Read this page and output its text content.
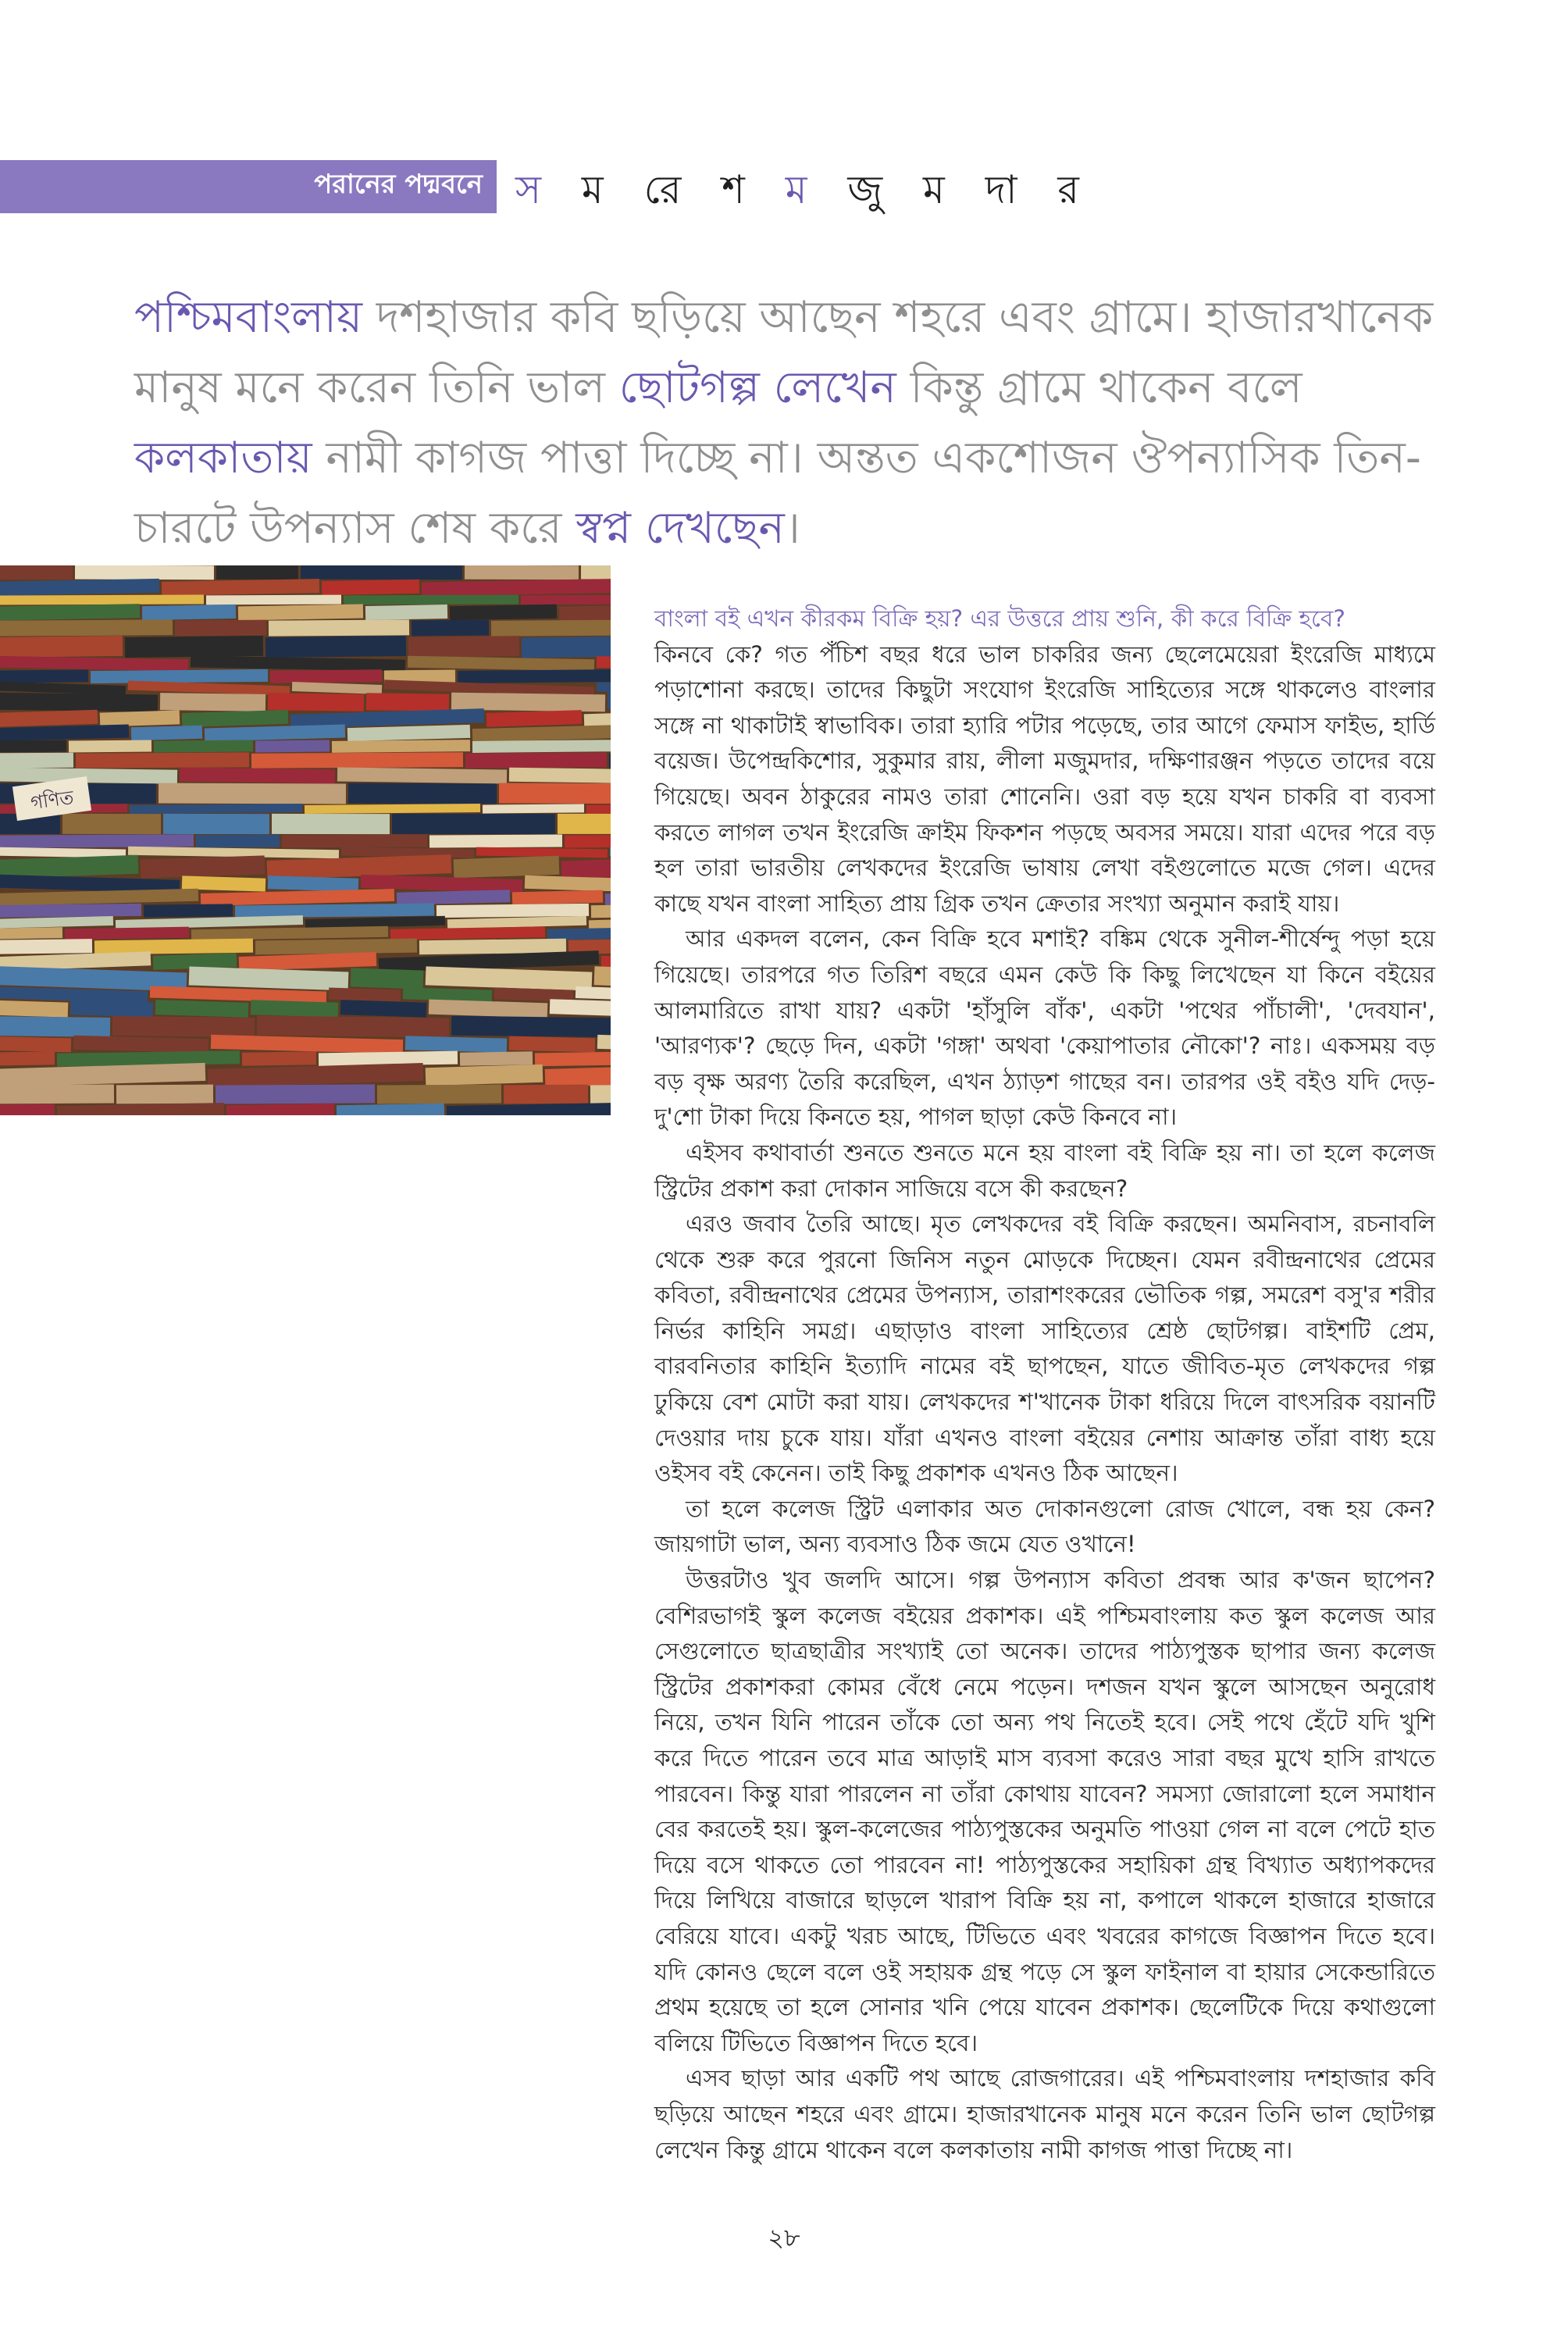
পরানের পদ্মবনে স ম রে শ ম জু ম দা র
পশ্চিমবাংলায় দশহাজার কবি ছড়িয়ে আছেন শহরে এবং গ্রামে। হাজারখানেক মানুষ মনে করেন তিনি ভাল ছোটগল্প লেখেন কিন্তু গ্রামে থাকেন বলে কলকাতায় নামী কাগজ পাত্তা দিচ্ছে না। অন্তত একশোজন ঔপন্যাসিক তিন-চারটে উপন্যাস শেষ করে স্বপ্ন দেখছেন।
গণিত

বাংলা বই এখন কীরকম বিক্রি হয়? এর উত্তরে প্রায় শুনি, কী করে বিক্রি হবে?

কিনবে কে? গত পঁচিশ বছর ধরে ভাল চাকরির জন্য ছেলেমেয়েরা ইংরেজি মাধ্যমে পড়াশোনা করছে। তাদের কিছুটা সংযোগ ইংরেজি সাহিত্যের সঙ্গে থাকলেও বাংলার সঙ্গে না থাকাটাই স্বাভাবিক। তারা হ্যারি পটার পড়েছে, তার আগে ফেমাস ফাইভ, হার্ডি বয়েজ। উপেন্দ্রকিশোর, সুকুমার রায়, লীলা মজুমদার, দক্ষিণারঞ্জন পড়তে তাদের বয়ে গিয়েছে। অবন ঠাকুরের নামও তারা শোনেনি। ওরা বড় হয়ে যখন চাকরি বা ব্যবসা করতে লাগল তখন ইংরেজি ক্রাইম ফিকশন পড়ছে অবসর সময়ে। যারা এদের পরে বড় হল তারা ভারতীয় লেখকদের ইংরেজি ভাষায় লেখা বইগুলোতে মজে গেল। এদের কাছে যখন বাংলা সাহিত্য প্রায় গ্রিক তখন ক্রেতার সংখ্যা অনুমান করাই যায়।

আর একদল বলেন, কেন বিক্রি হবে মশাই? বঙ্কিম থেকে সুনীল-শীর্ষেন্দু পড়া হয়ে গিয়েছে। তারপরে গত তিরিশ বছরে এমন কেউ কি কিছু লিখেছেন যা কিনে বইয়ের আলমারিতে রাখা যায়? একটা 'হাঁসুলি বাঁক', একটা 'পথের পাঁচালী', 'দেবযান', 'আরণ্যক'? ছেড়ে দিন, একটা 'গঙ্গা' অথবা 'কেয়াপাতার নৌকো'? নাঃ। একসময় বড় বড় বৃক্ষ অরণ্য তৈরি করেছিল, এখন ঠ্যাড়শ গাছের বন। তারপর ওই বইও যদি দেড়-দু'শো টাকা দিয়ে কিনতে হয়, পাগল ছাড়া কেউ কিনবে না।

এইসব কথাবার্তা শুনতে শুনতে মনে হয় বাংলা বই বিক্রি হয় না। তা হলে কলেজ স্ট্রিটের প্রকাশ করা দোকান সাজিয়ে বসে কী করছেন?

এরও জবাব তৈরি আছে। মৃত লেখকদের বই বিক্রি করছেন। অমনিবাস, রচনাবলি থেকে শুরু করে পুরনো জিনিস নতুন মোড়কে দিচ্ছেন। যেমন রবীন্দ্রনাথের প্রেমের কবিতা, রবীন্দ্রনাথের প্রেমের উপন্যাস, তারাশংকরের ভৌতিক গল্প, সমরেশ বসু'র শরীর নির্ভর কাহিনি সমগ্র। এছাড়াও বাংলা সাহিত্যের শ্রেষ্ঠ ছোটগল্প। বাইশটি প্রেম, বারবনিতার কাহিনি ইত্যাদি নামের বই ছাপছেন, যাতে জীবিত-মৃত লেখকদের গল্প ঢুকিয়ে বেশ মোটা করা যায়। লেখকদের শ'খানেক টাকা ধরিয়ে দিলে বাৎসরিক বয়ানটি দেওয়ার দায় চুকে যায়। যাঁরা এখনও বাংলা বইয়ের নেশায় আক্রান্ত তাঁরা বাধ্য হয়ে ওইসব বই কেনেন। তাই কিছু প্রকাশক এখনও ঠিক আছেন।

তা হলে কলেজ স্ট্রিট এলাকার অত দোকানগুলো রোজ খোলে, বন্ধ হয় কেন? জায়গাটা ভাল, অন্য ব্যবসাও ঠিক জমে যেত ওখানে!

উত্তরটাও খুব জলদি আসে। গল্প উপন্যাস কবিতা প্রবন্ধ আর ক'জন ছাপেন? বেশিরভাগই স্কুল কলেজ বইয়ের প্রকাশক। এই পশ্চিমবাংলায় কত স্কুল কলেজ আর সেগুলোতে ছাত্রছাত্রীর সংখ্যাই তো অনেক। তাদের পাঠ্যপুস্তক ছাপার জন্য কলেজ স্ট্রিটের প্রকাশকরা কোমর বেঁধে নেমে পড়েন। দশজন যখন স্কুলে আসছেন অনুরোধ নিয়ে, তখন যিনি পারেন তাঁকে তো অন্য পথ নিতেই হবে। সেই পথে হেঁটে যদি খুশি করে দিতে পারেন তবে মাত্র আড়াই মাস ব্যবসা করেও সারা বছর মুখে হাসি রাখতে পারবেন। কিন্তু যারা পারলেন না তাঁরা কোথায় যাবেন? সমস্যা জোরালো হলে সমাধান বের করতেই হয়। স্কুল-কলেজের পাঠ্যপুস্তকের অনুমতি পাওয়া গেল না বলে পেটে হাত দিয়ে বসে থাকতে তো পারবেন না! পাঠ্যপুস্তকের সহায়িকা গ্রন্থ বিখ্যাত অধ্যাপকদের দিয়ে লিখিয়ে বাজারে ছাড়লে খারাপ বিক্রি হয় না, কপালে থাকলে হাজারে হাজারে বেরিয়ে যাবে। একটু খরচ আছে, টিভিতে এবং খবরের কাগজে বিজ্ঞাপন দিতে হবে। যদি কোনও ছেলে বলে ওই সহায়ক গ্রন্থ পড়ে সে স্কুল ফাইনাল বা হায়ার সেকেন্ডারিতে প্রথম হয়েছে তা হলে সোনার খনি পেয়ে যাবেন প্রকাশক। ছেলেটিকে দিয়ে কথাগুলো বলিয়ে টিভিতে বিজ্ঞাপন দিতে হবে।

এসব ছাড়া আর একটি পথ আছে রোজগারের। এই পশ্চিমবাংলায় দশহাজার কবি ছড়িয়ে আছেন শহরে এবং গ্রামে। হাজারখানেক মানুষ মনে করেন তিনি ভাল ছোটগল্প লেখেন কিন্তু গ্রামে থাকেন বলে কলকাতায় নামী কাগজ পাত্তা দিচ্ছে না।

২৮
